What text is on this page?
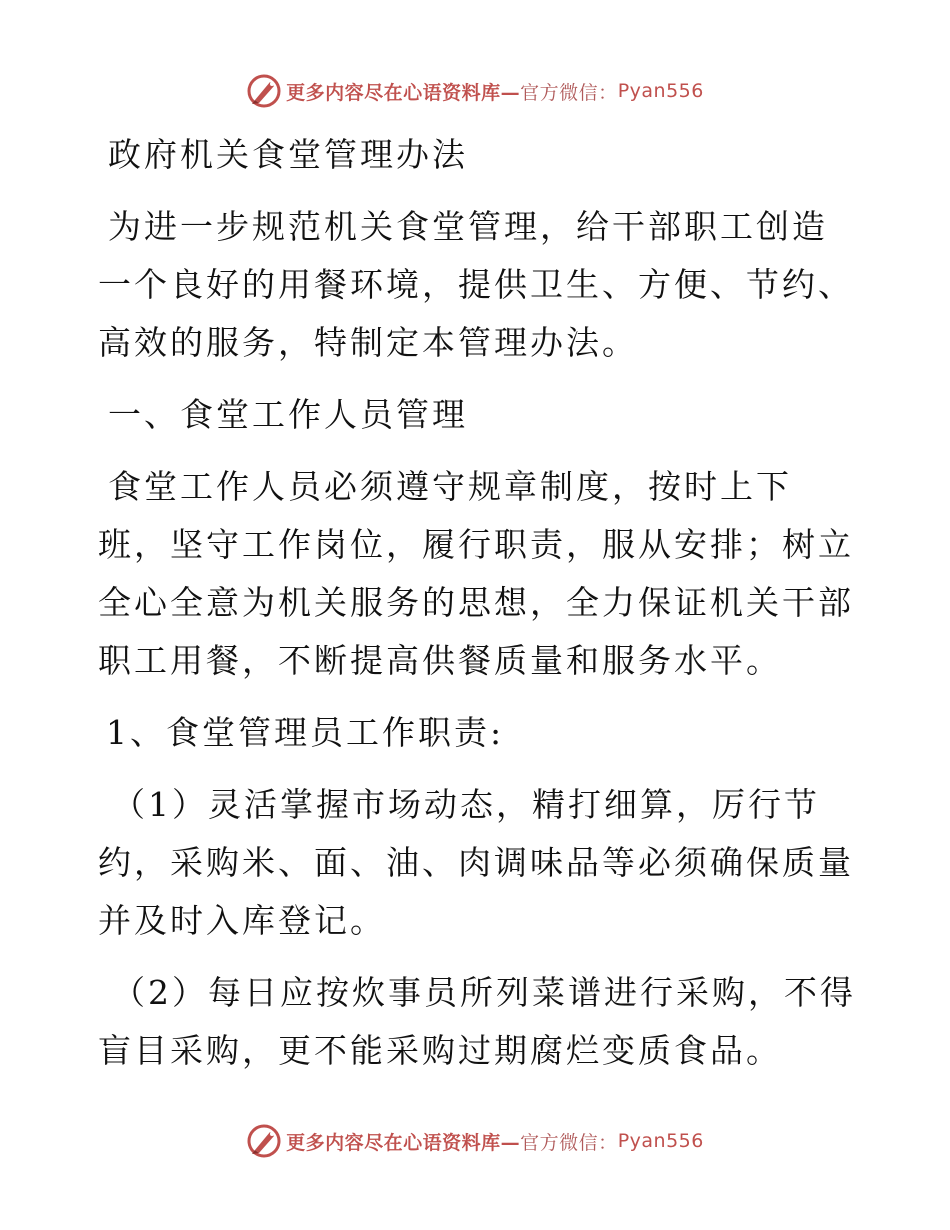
更多内容尽在心语资料库— 官方微信： Pyan556

政府机关食堂管理办法

为进一步规范机关食堂管理，给干部职工创造一个良好的用餐环境，提供卫生、方便、节约、高效的服务，特制定本管理办法。

一、食堂工作人员管理

食堂工作人员必须遵守规章制度，按时上下班，坚守工作岗位，履行职责，服从安排；树立全心全意为机关服务的思想，全力保证机关干部职工用餐，不断提高供餐质量和服务水平。

1、食堂管理员工作职责:

（1）灵活掌握市场动态，精打细算，厉行节约，采购米、面、油、肉调味品等必须确保质量并及时入库登记。

（2）每日应按炊事员所列菜谱进行采购，不得盲目采购，更不能采购过期腐烂变质食品。

更多内容尽在心语资料库— 官方微信： Pyan556
